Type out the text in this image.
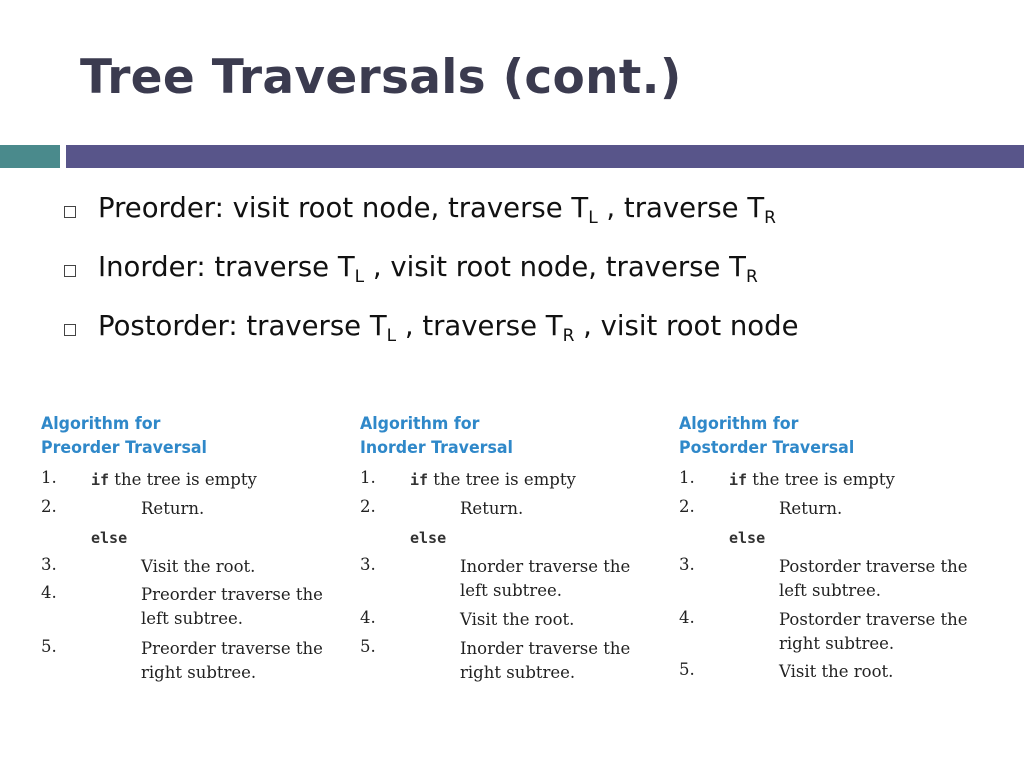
Tree Traversals (cont.)
Preorder: visit root node, traverse $T_L$ , traverse $T_R$
Inorder: traverse $T_L$ , visit root node, traverse $T_R$
Postorder: traverse $T_L$ , traverse $T_R$ , visit root node
Algorithm for
Preorder Traversal
1. if the tree is empty
2.	Return.
else
3.	Visit the root.
4.	Preorder traverse the
left subtree.
5.	Preorder traverse the
right subtree.
Algorithm for
Inorder Traversal
1. if the tree is empty
2.	Return.
else
3.	Inorder traverse the
left subtree.
4.	Visit the root.
5.	Inorder traverse the
right subtree.
Algorithm for
Postorder Traversal
1. if the tree is empty
2.	Return.
else
3.	Postorder traverse the
left subtree.
4.	Postorder traverse the
right subtree.
5.	Visit the root.
